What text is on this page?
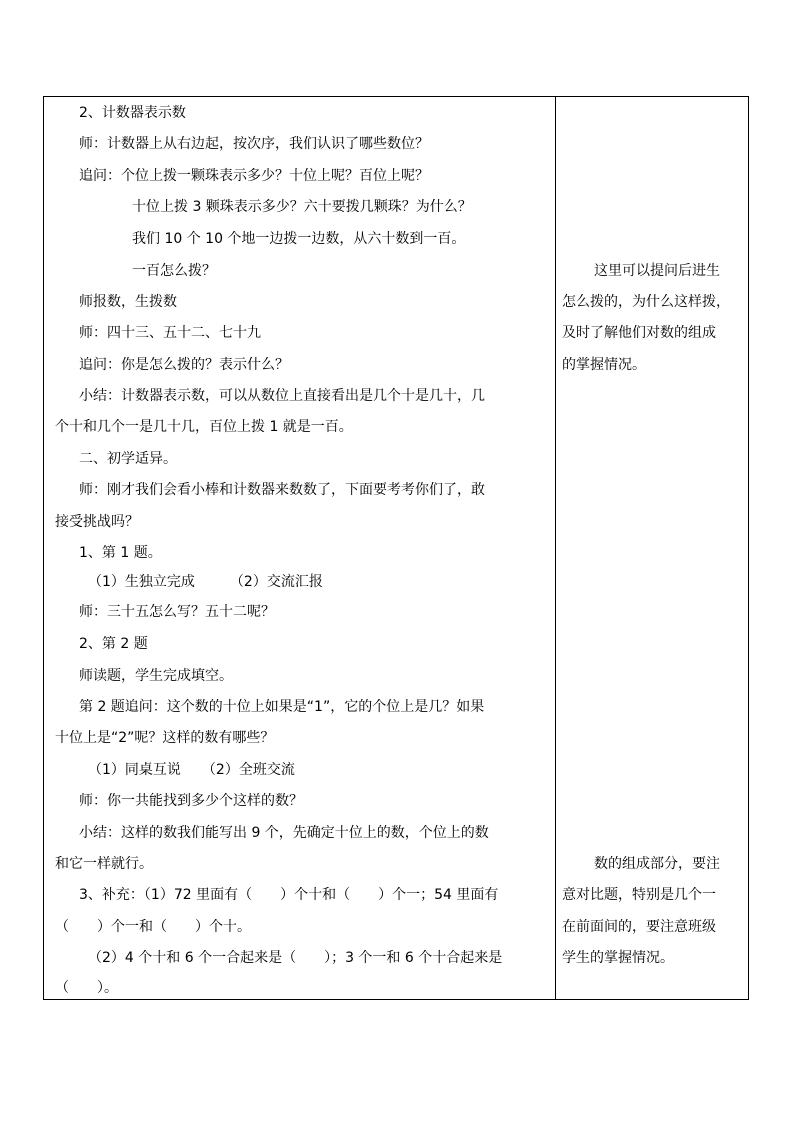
2、计数器表示数
师：计数器上从右边起，按次序，我们认识了哪些数位？
追问：个位上拨一颗珠表示多少？十位上呢？百位上呢？
十位上拨 3 颗珠表示多少？六十要拨几颗珠？为什么？
我们 10 个 10 个地一边拨一边数，从六十数到一百。
一百怎么拨？
师报数，生拨数
师：四十三、五十二、七十九
追问：你是怎么拨的？表示什么？
小结：计数器表示数，可以从数位上直接看出是几个十是几十，几
个十和几个一是几十几，百位上拨 1 就是一百。
二、初学适异。
师：刚才我们会看小棒和计数器来数数了，下面要考考你们了，敢
接受挑战吗？
1、第 1 题。
（1）生独立完成　　　（2）交流汇报
师：三十五怎么写？五十二呢？
2、第 2 题
师读题，学生完成填空。
第 2 题追问：这个数的十位上如果是“1”，它的个位上是几？如果
十位上是“2”呢？这样的数有哪些？
（1）同桌互说　　（2）全班交流
师：你一共能找到多少个这样的数？
小结：这样的数我们能写出 9 个，先确定十位上的数，个位上的数
和它一样就行。
3、补充：（1）72 里面有（　　）个十和（　　）个一；54 里面有
（　　）个一和（　　）个十。
（2）4 个十和 6 个一合起来是（　　）；3 个一和 6 个十合起来是
（　　）。
这里可以提问后进生
怎么拨的，为什么这样拨，
及时了解他们对数的组成
的掌握情况。
数的组成部分，要注
意对比题，特别是几个一
在前面间的，要注意班级
学生的掌握情况。
